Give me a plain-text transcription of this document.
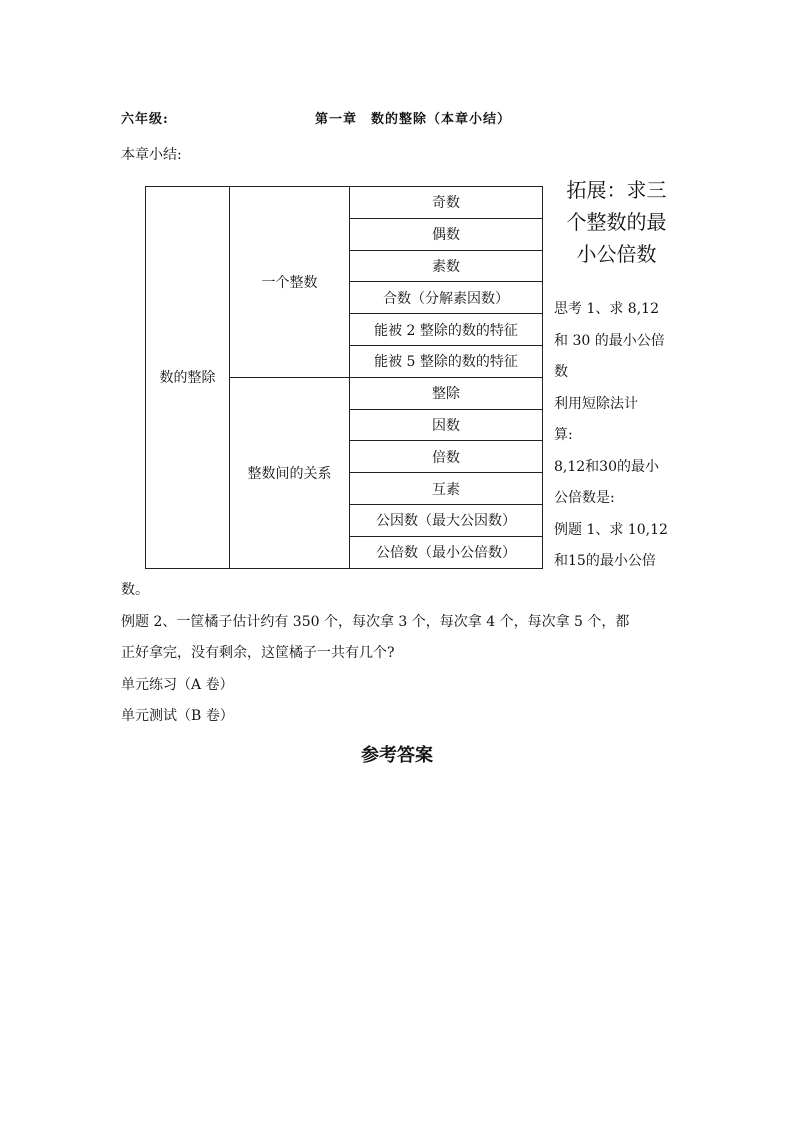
六年级:	第一章　数的整除（本章小结）
本章小结:
数的整除	一个整数	奇数
		偶数
		素数
		合数（分解素因数）
		能被 2 整除的数的特征
		能被 5 整除的数的特征
	整数间的关系	整除
		因数
		倍数
		互素
		公因数（最大公因数）
		公倍数（最小公倍数）
拓展：求三
个整数的最
小公倍数
思考 1、求 8,12
和 30 的最小公倍
数
利用短除法计
算:
8,12和30的最小
公倍数是:
例题 1、求 10,12
和15的最小公倍
数。
例题 2、一筐橘子估计约有 350 个，每次拿 3 个，每次拿 4 个，每次拿 5 个，都
正好拿完，没有剩余，这筐橘子一共有几个?
单元练习（A 卷）
单元测试（B 卷）
参考答案
